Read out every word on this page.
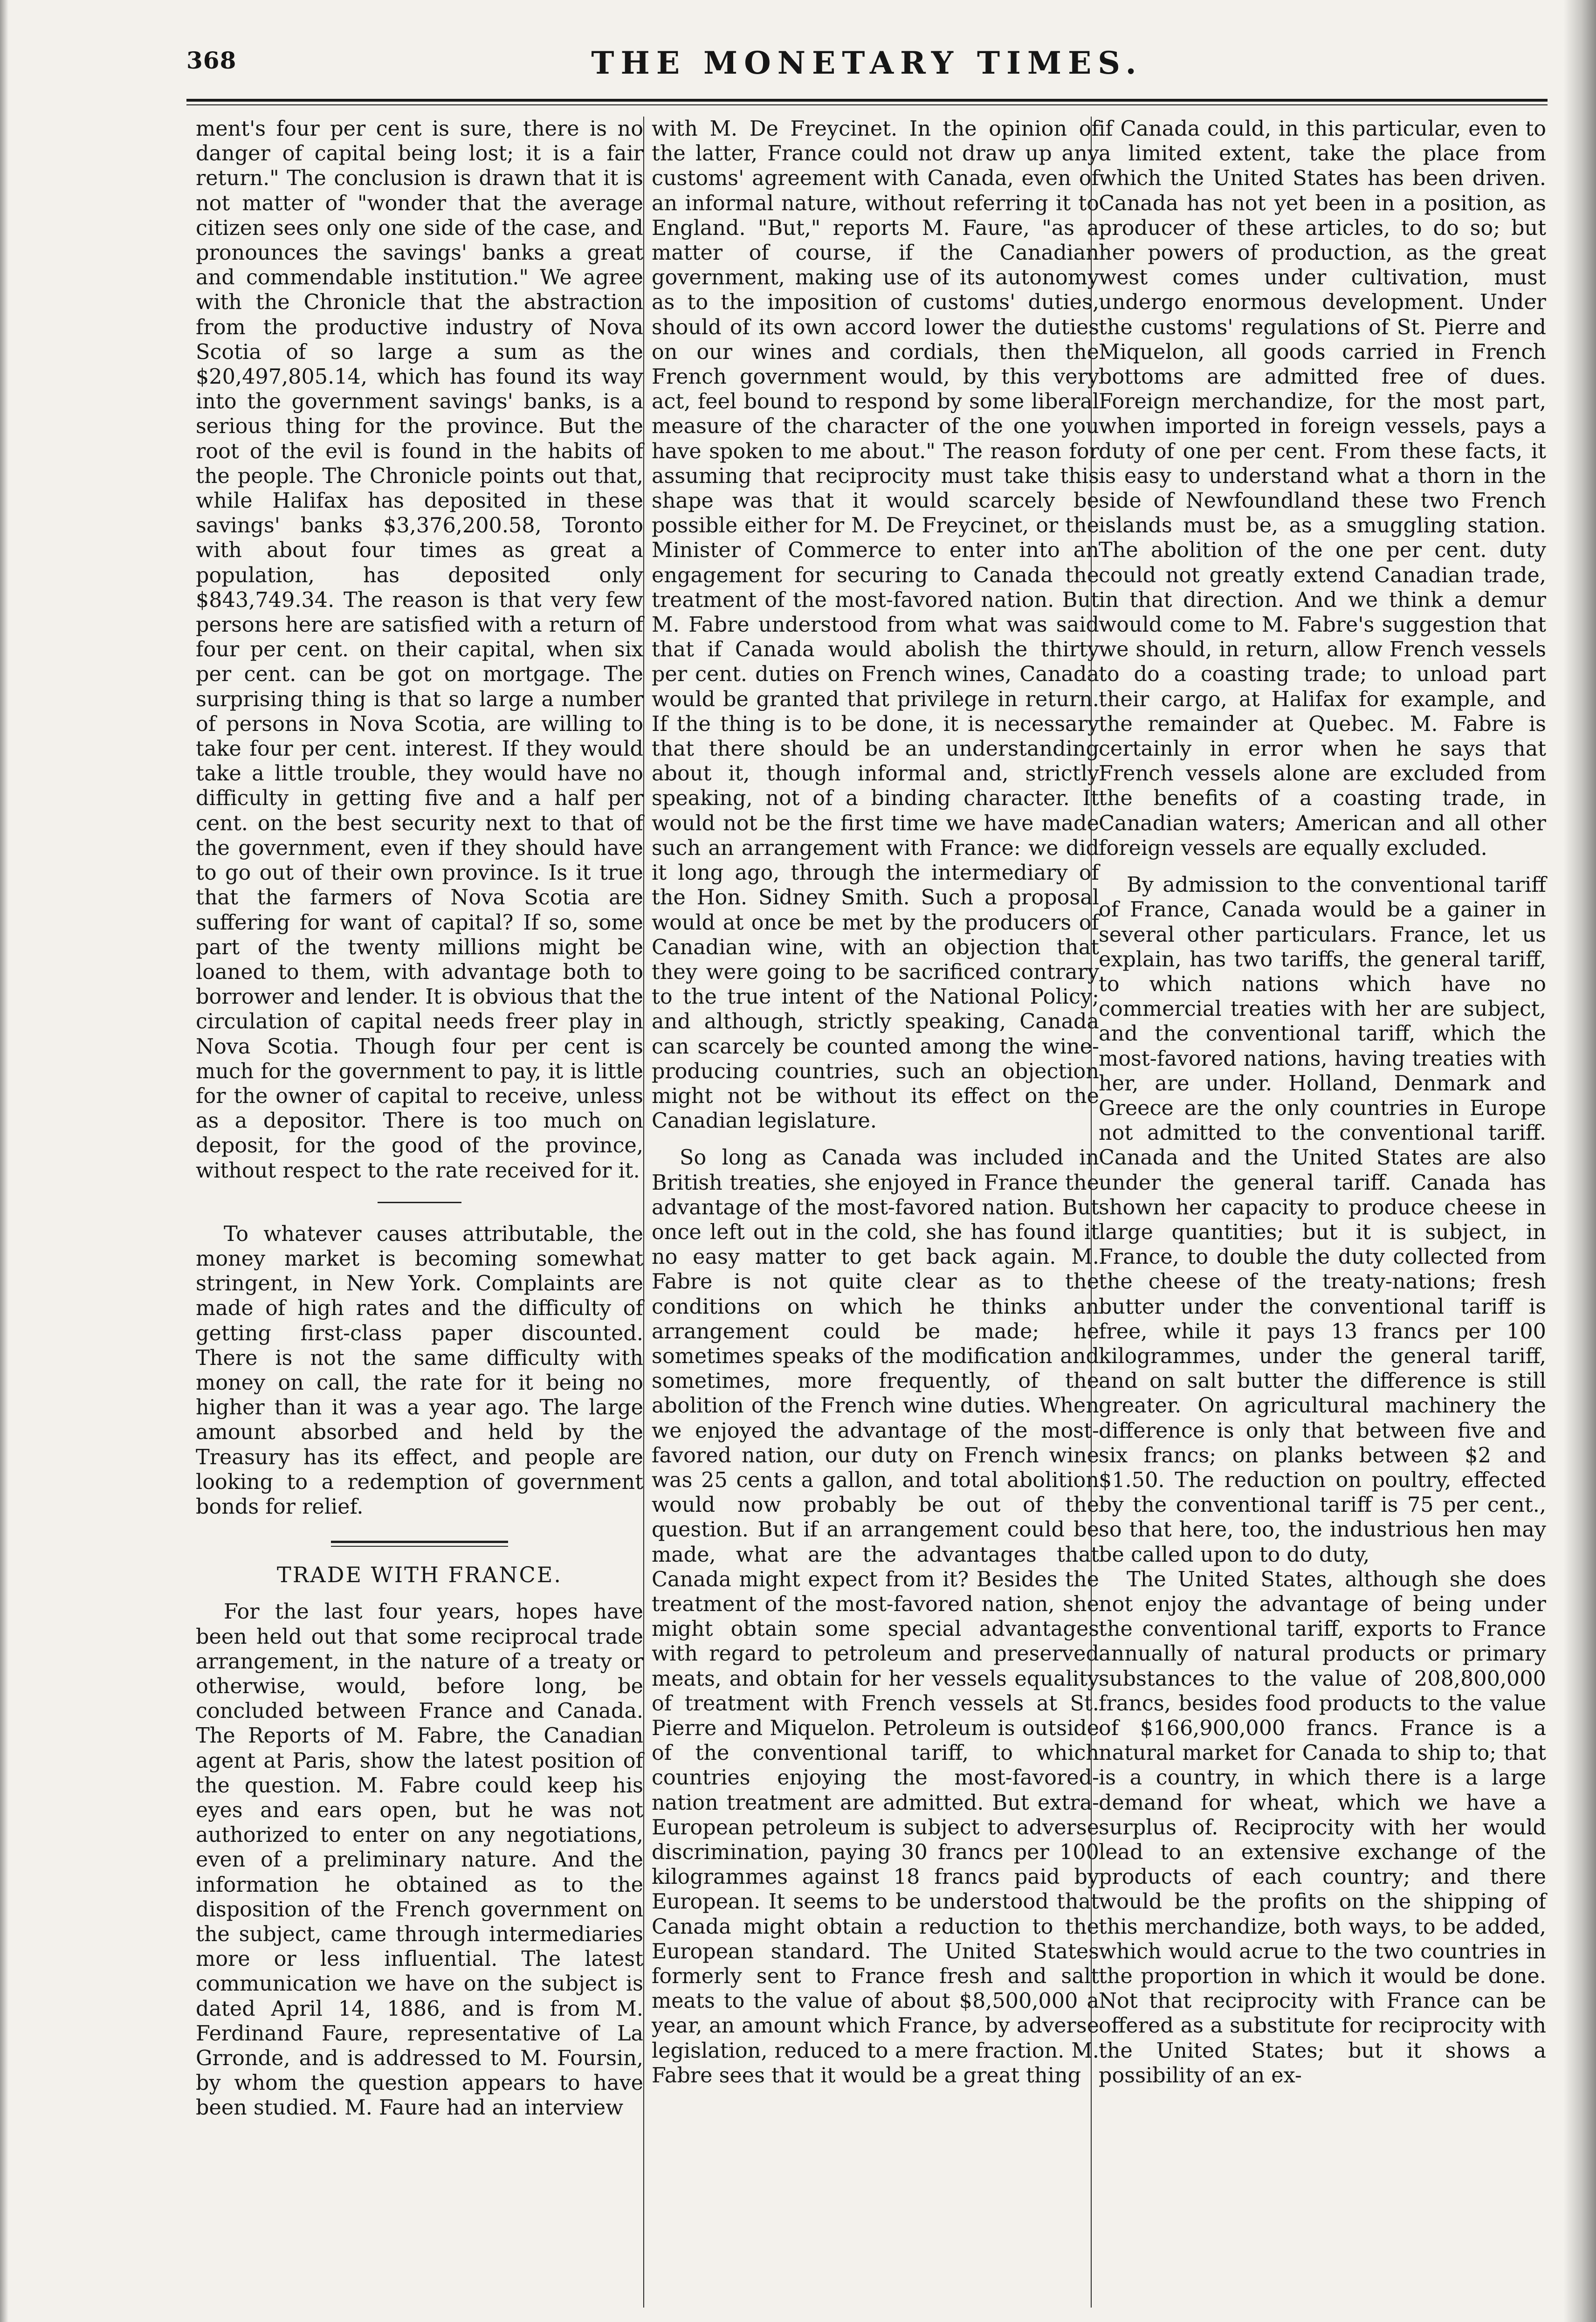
368	THE MONETARY TIMES.

ment's four per cent is sure, there is no danger of capital being lost; it is a fair return." The conclusion is drawn that it is not matter of "wonder that the average citizen sees only one side of the case, and pronounces the savings' banks a great and commendable institution." We agree with the Chronicle that the abstraction from the productive industry of Nova Scotia of so large a sum as the $20,497,805.14, which has found its way into the government savings' banks, is a serious thing for the province. But the root of the evil is found in the habits of the people. The Chronicle points out that, while Halifax has deposited in these savings' banks $3,376,200.58, Toronto with about four times as great a population, has deposited only $843,749.34. The reason is that very few persons here are satisfied with a return of four per cent. on their capital, when six per cent. can be got on mortgage. The surprising thing is that so large a number of persons in Nova Scotia, are willing to take four per cent. interest. If they would take a little trouble, they would have no difficulty in getting five and a half per cent. on the best security next to that of the government, even if they should have to go out of their own province. Is it true that the farmers of Nova Scotia are suffering for want of capital? If so, some part of the twenty millions might be loaned to them, with advantage both to borrower and lender. It is obvious that the circulation of capital needs freer play in Nova Scotia. Though four per cent is much for the government to pay, it is little for the owner of capital to receive, unless as a depositor. There is too much on deposit, for the good of the province, without respect to the rate received for it.

To whatever causes attributable, the money market is becoming somewhat stringent, in New York. Complaints are made of high rates and the difficulty of getting first-class paper discounted. There is not the same difficulty with money on call, the rate for it being no higher than it was a year ago. The large amount absorbed and held by the Treasury has its effect, and people are looking to a redemption of government bonds for relief.

TRADE WITH FRANCE.

For the last four years, hopes have been held out that some reciprocal trade arrangement, in the nature of a treaty or otherwise, would, before long, be concluded between France and Canada. The Reports of M. Fabre, the Canadian agent at Paris, show the latest position of the question. M. Fabre could keep his eyes and ears open, but he was not authorized to enter on any negotiations, even of a preliminary nature. And the information he obtained as to the disposition of the French government on the subject, came through intermediaries more or less influential. The latest communication we have on the subject is dated April 14, 1886, and is from M. Ferdinand Faure, representative of La Grronde, and is addressed to M. Foursin, by whom the question appears to have been studied. M. Faure had an interview

with M. De Freycinet. In the opinion of the latter, France could not draw up any customs' agreement with Canada, even of an informal nature, without referring it to England. "But," reports M. Faure, "as a matter of course, if the Canadian government, making use of its autonomy as to the imposition of customs' duties, should of its own accord lower the duties on our wines and cordials, then the French government would, by this very act, feel bound to respond by some liberal measure of the character of the one you have spoken to me about." The reason for assuming that reciprocity must take this shape was that it would scarcely be possible either for M. De Freycinet, or the Minister of Commerce to enter into an engagement for securing to Canada the treatment of the most-favored nation. But M. Fabre understood from what was said that if Canada would abolish the thirty per cent. duties on French wines, Canada would be granted that privilege in return. If the thing is to be done, it is necessary that there should be an understanding about it, though informal and, strictly speaking, not of a binding character. It would not be the first time we have made such an arrangement with France: we did it long ago, through the intermediary of the Hon. Sidney Smith. Such a proposal would at once be met by the producers of Canadian wine, with an objection that they were going to be sacrificed contrary to the true intent of the National Policy; and although, strictly speaking, Canada can scarcely be counted among the wine-producing countries, such an objection might not be without its effect on the Canadian legislature.

So long as Canada was included in British treaties, she enjoyed in France the advantage of the most-favored nation. But once left out in the cold, she has found it no easy matter to get back again. M. Fabre is not quite clear as to the conditions on which he thinks an arrangement could be made; he sometimes speaks of the modification and sometimes, more frequently, of the abolition of the French wine duties. When we enjoyed the advantage of the most-favored nation, our duty on French wine was 25 cents a gallon, and total abolition would now probably be out of the question. But if an arrangement could be made, what are the advantages that Canada might expect from it? Besides the treatment of the most-favored nation, she might obtain some special advantages with regard to petroleum and preserved meats, and obtain for her vessels equality of treatment with French vessels at St. Pierre and Miquelon. Petroleum is outside of the conventional tariff, to which countries enjoying the most-favored-nation treatment are admitted. But extra-European petroleum is subject to adverse discrimination, paying 30 francs per 100 kilogrammes against 18 francs paid by European. It seems to be understood that Canada might obtain a reduction to the European standard. The United States formerly sent to France fresh and salt meats to the value of about $8,500,000 a year, an amount which France, by adverse legislation, reduced to a mere fraction. M. Fabre sees that it would be a great thing

if Canada could, in this particular, even to a limited extent, take the place from which the United States has been driven. Canada has not yet been in a position, as producer of these articles, to do so; but her powers of production, as the great west comes under cultivation, must undergo enormous development. Under the customs' regulations of St. Pierre and Miquelon, all goods carried in French bottoms are admitted free of dues. Foreign merchandize, for the most part, when imported in foreign vessels, pays a duty of one per cent. From these facts, it is easy to understand what a thorn in the side of Newfoundland these two French islands must be, as a smuggling station. The abolition of the one per cent. duty could not greatly extend Canadian trade, in that direction. And we think a demur would come to M. Fabre's suggestion that we should, in return, allow French vessels to do a coasting trade; to unload part their cargo, at Halifax for example, and the remainder at Quebec. M. Fabre is certainly in error when he says that French vessels alone are excluded from the benefits of a coasting trade, in Canadian waters; American and all other foreign vessels are equally excluded.

By admission to the conventional tariff of France, Canada would be a gainer in several other particulars. France, let us explain, has two tariffs, the general tariff, to which nations which have no commercial treaties with her are subject, and the conventional tariff, which the most-favored nations, having treaties with her, are under. Holland, Denmark and Greece are the only countries in Europe not admitted to the conventional tariff. Canada and the United States are also under the general tariff. Canada has shown her capacity to produce cheese in large quantities; but it is subject, in France, to double the duty collected from the cheese of the treaty-nations; fresh butter under the conventional tariff is free, while it pays 13 francs per 100 kilogrammes, under the general tariff, and on salt butter the difference is still greater. On agricultural machinery the difference is only that between five and six francs; on planks between $2 and $1.50. The reduction on poultry, effected by the conventional tariff is 75 per cent., so that here, too, the industrious hen may be called upon to do duty,

The United States, although she does not enjoy the advantage of being under the conventional tariff, exports to France annually of natural products or primary substances to the value of 208,800,000 francs, besides food products to the value of $166,900,000 francs. France is a natural market for Canada to ship to; that is a country, in which there is a large demand for wheat, which we have a surplus of. Reciprocity with her would lead to an extensive exchange of the products of each country; and there would be the profits on the shipping of this merchandize, both ways, to be added, which would acrue to the two countries in the proportion in which it would be done. Not that reciprocity with France can be offered as a substitute for reciprocity with the United States; but it shows a possibility of an ex-
